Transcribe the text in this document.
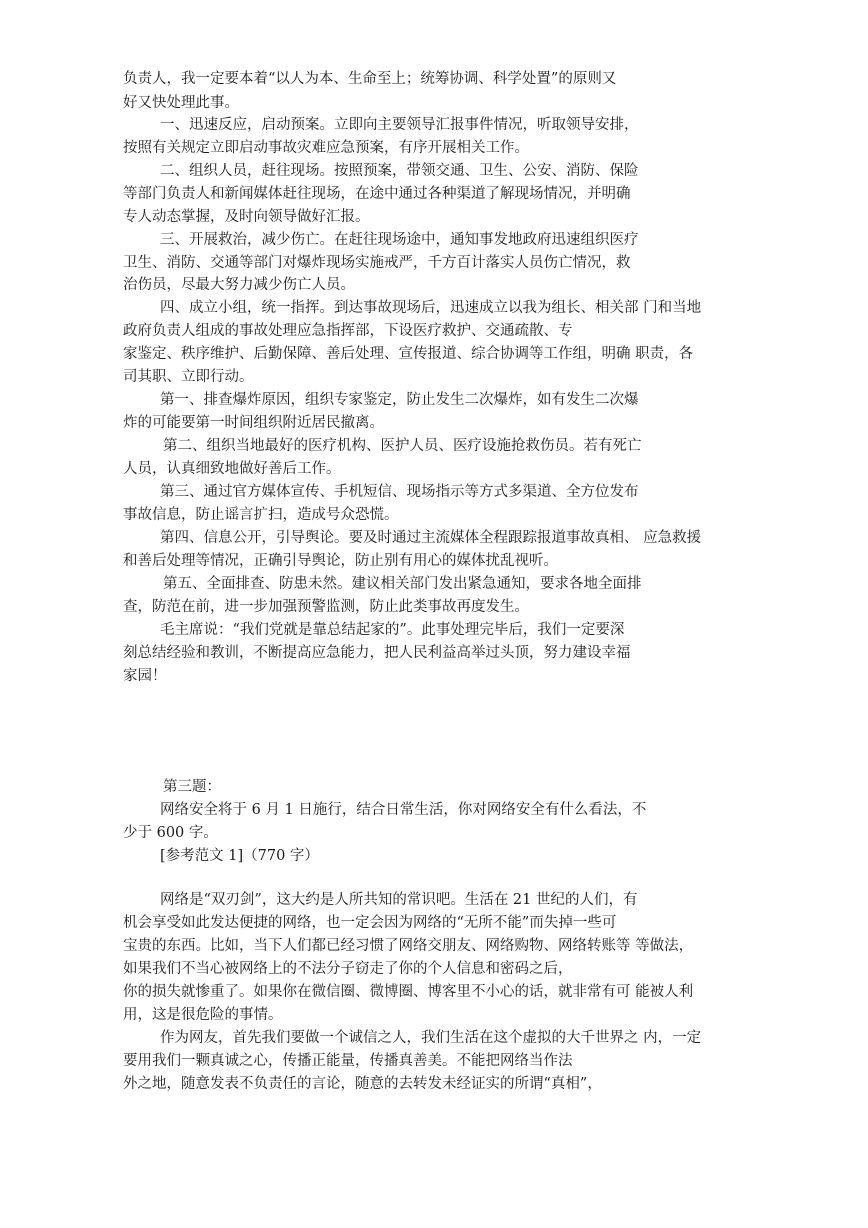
负责人，我一定要本着“以人为本、生命至上；统筹协调、科学处置”的原则又
好又快处理此事。
一、迅速反应，启动预案。立即向主要领导汇报事件情况，听取领导安排，
按照有关规定立即启动事故灾难应急预案，有序开展相关工作。
二、组织人员，赶往现场。按照预案，带领交通、卫生、公安、消防、保险
等部门负责人和新闻媒体赶往现场，在途中通过各种渠道了解现场情况，并明确
专人动态掌握，及时向领导做好汇报。
三、开展救治，减少伤亡。在赶往现场途中，通知事发地政府迅速组织医疗
卫生、消防、交通等部门对爆炸现场实施戒严，千方百计落实人员伤亡情况，救
治伤员，尽最大努力减少伤亡人员。
四、成立小组，统一指挥。到达事故现场后，迅速成立以我为组长、相关部 门和当地
政府负责人组成的事故处理应急指挥部，下设医疗救护、交通疏散、专
家鉴定、秩序维护、后勤保障、善后处理、宣传报道、综合协调等工作组，明确 职责，各
司其职、立即行动。
第一、排查爆炸原因，组织专家鉴定，防止发生二次爆炸，如有发生二次爆
炸的可能要第一时间组织附近居民撤离。
第二、组织当地最好的医疗机构、医护人员、医疗设施抢救伤员。若有死亡
人员，认真细致地做好善后工作。
第三、通过官方媒体宣传、手机短信、现场指示等方式多渠道、全方位发布
事故信息，防止谣言扩扫，造成号众恐慌。
第四、信息公开，引导舆论。要及时通过主流媒体全程跟踪报道事故真相、 应急救援
和善后处理等情况，正确引导舆论，防止别有用心的媒体扰乱视听。
第五、全面排查、防患未然。建议相关部门发出紧急通知，要求各地全面排
查，防范在前，进一步加强预警监测，防止此类事故再度发生。
毛主席说：“我们党就是靠总结起家的”。此事处理完毕后，我们一定要深
刻总结经验和教训，不断提高应急能力，把人民利益高举过头顶，努力建设幸福
家园！
第三题：
网络安全将于 6 月 1 日施行，结合日常生活，你对网络安全有什么看法，不
少于 600 字。
[参考范文 1]（770 字）
网络是“双刃剑”，这大约是人所共知的常识吧。生活在 21 世纪的人们，有
机会享受如此发达便捷的网络，也一定会因为网络的“无所不能”而失掉一些可
宝贵的东西。比如，当下人们都已经习惯了网络交朋友、网络购物、网络转账等 等做法，
如果我们不当心被网络上的不法分子窃走了你的个人信息和密码之后，
你的损失就惨重了。如果你在微信圈、微博圈、博客里不小心的话，就非常有可 能被人利
用，这是很危险的事情。
作为网友，首先我们要做一个诚信之人，我们生活在这个虚拟的大千世界之 内，一定
要用我们一颗真诚之心，传播正能量，传播真善美。不能把网络当作法
外之地，随意发表不负责任的言论，随意的去转发未经证实的所谓“真相”，
